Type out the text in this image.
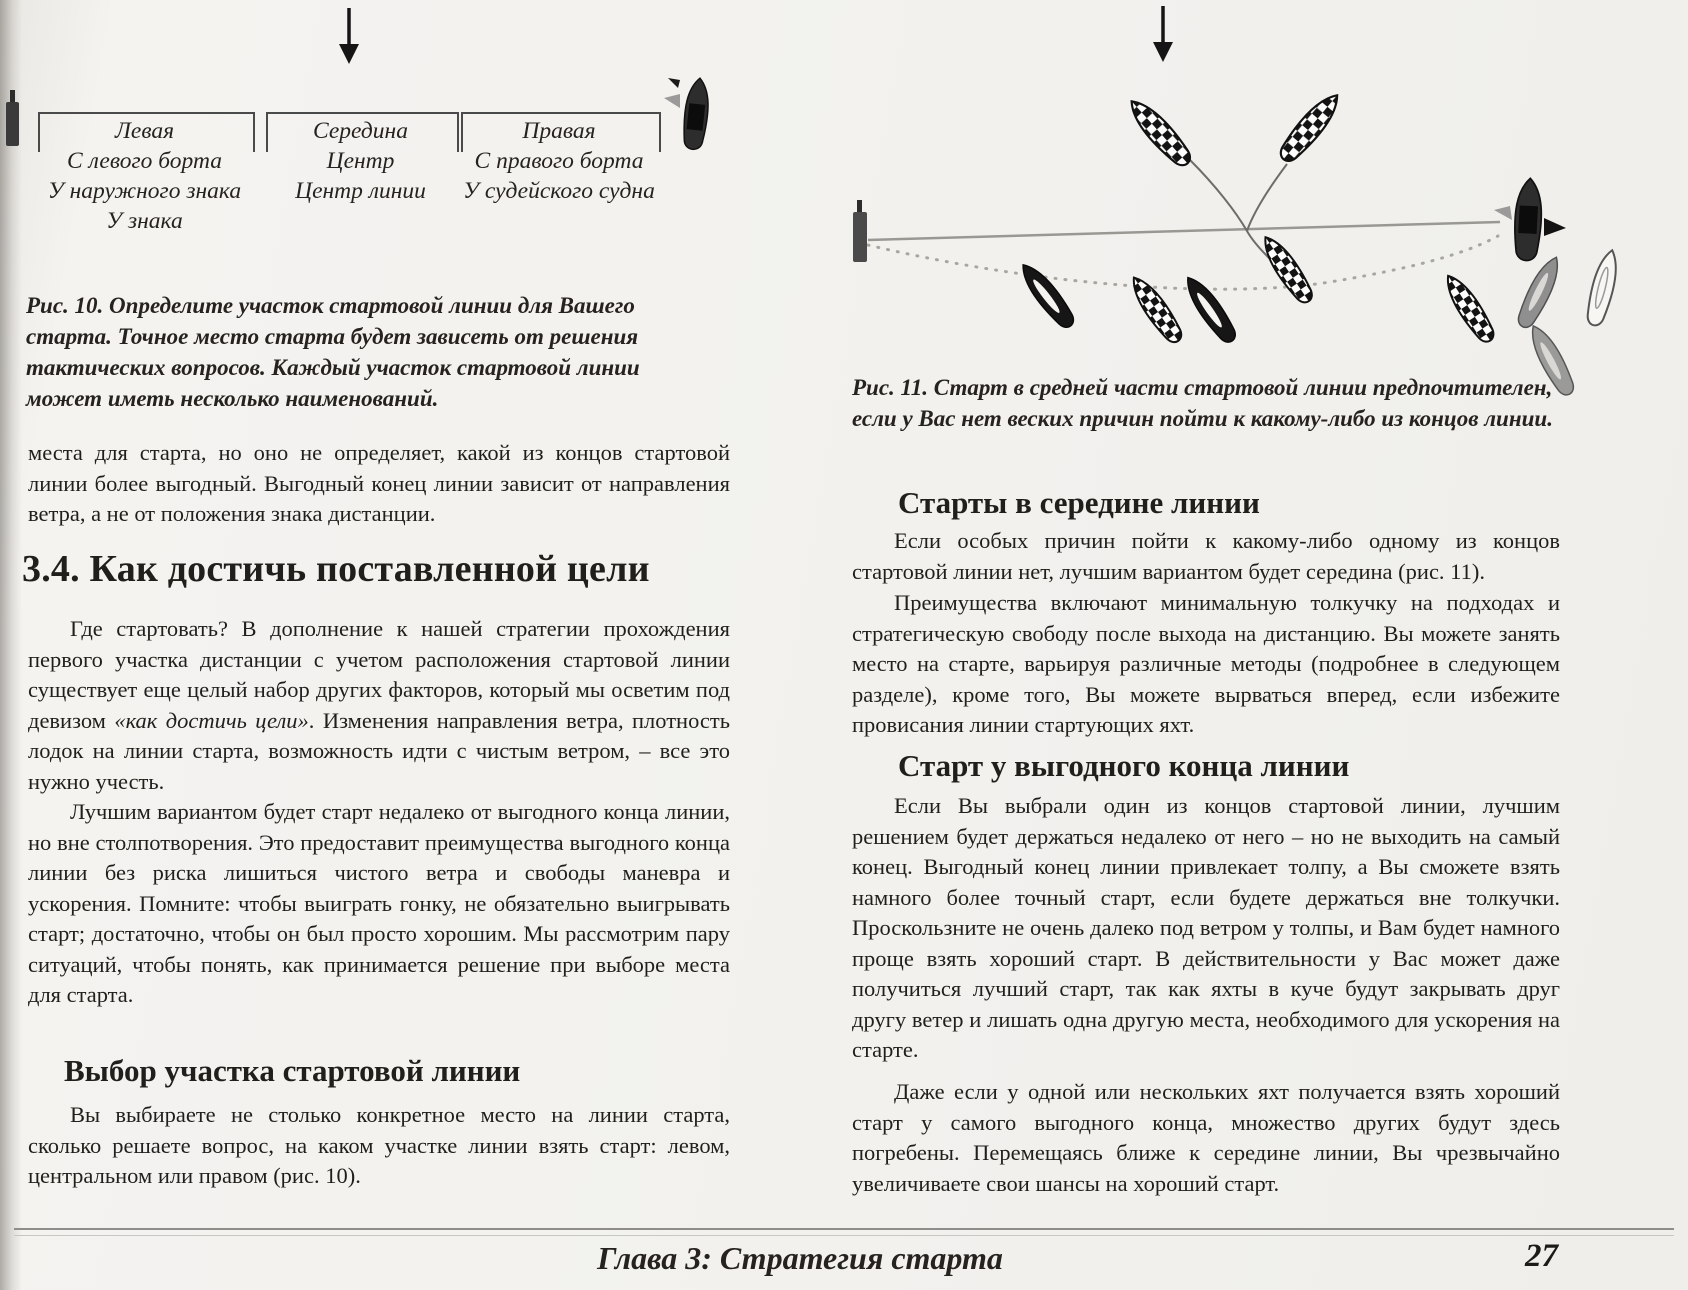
Левая
С левого борта
У наружного знака
У знака
Середина
Центр
Центр линии
Правая
С правого борта
У судейского судна

Рис. 10. Определите участок стартовой линии для Вашего старта. Точное место старта будет зависеть от решения тактических вопросов. Каждый участок стартовой линии может иметь несколько наименований.

места для старта, но оно не определяет, какой из концов стартовой линии более выгодный. Выгодный конец линии зависит от направления ветра, а не от положения знака дистанции.

3.4. Как достичь поставленной цели

Где стартовать? В дополнение к нашей стратегии прохождения первого участка дистанции с учетом расположения стартовой линии существует еще целый набор других факторов, который мы осветим под девизом «как достичь цели». Изменения направления ветра, плотность лодок на линии старта, возможность идти с чистым ветром, – все это нужно учесть.

Лучшим вариантом будет старт недалеко от выгодного конца линии, но вне столпотворения. Это предоставит преимущества выгодного конца линии без риска лишиться чистого ветра и свободы маневра и ускорения. Помните: чтобы выиграть гонку, не обязательно выигрывать старт; достаточно, чтобы он был просто хорошим. Мы рассмотрим пару ситуаций, чтобы понять, как принимается решение при выборе места для старта.

Выбор участка стартовой линии

Вы выбираете не столько конкретное место на линии старта, сколько решаете вопрос, на каком участке линии взять старт: левом, центральном или правом (рис. 10).

Рис. 11. Старт в средней части стартовой линии предпочтителен, если у Вас нет веских причин пойти к какому-либо из концов линии.

Старты в середине линии

Если особых причин пойти к какому-либо одному из концов стартовой линии нет, лучшим вариантом будет середина (рис. 11).

Преимущества включают минимальную толкучку на подходах и стратегическую свободу после выхода на дистанцию. Вы можете занять место на старте, варьируя различные методы (подробнее в следующем разделе), кроме того, Вы можете вырваться вперед, если избежите провисания линии стартующих яхт.

Старт у выгодного конца линии

Если Вы выбрали один из концов стартовой линии, лучшим решением будет держаться недалеко от него – но не выходить на самый конец. Выгодный конец линии привлекает толпу, а Вы сможете взять намного более точный старт, если будете держаться вне толкучки. Проскользните не очень далеко под ветром у толпы, и Вам будет намного проще взять хороший старт. В действительности у Вас может даже получиться лучший старт, так как яхты в куче будут закрывать друг другу ветер и лишать одна другую места, необходимого для ускорения на старте.

Даже если у одной или нескольких яхт получается взять хороший старт у самого выгодного конца, множество других будут здесь погребены. Перемещаясь ближе к середине линии, Вы чрезвычайно увеличиваете свои шансы на хороший старт.

Глава 3: Стратегия старта	27
